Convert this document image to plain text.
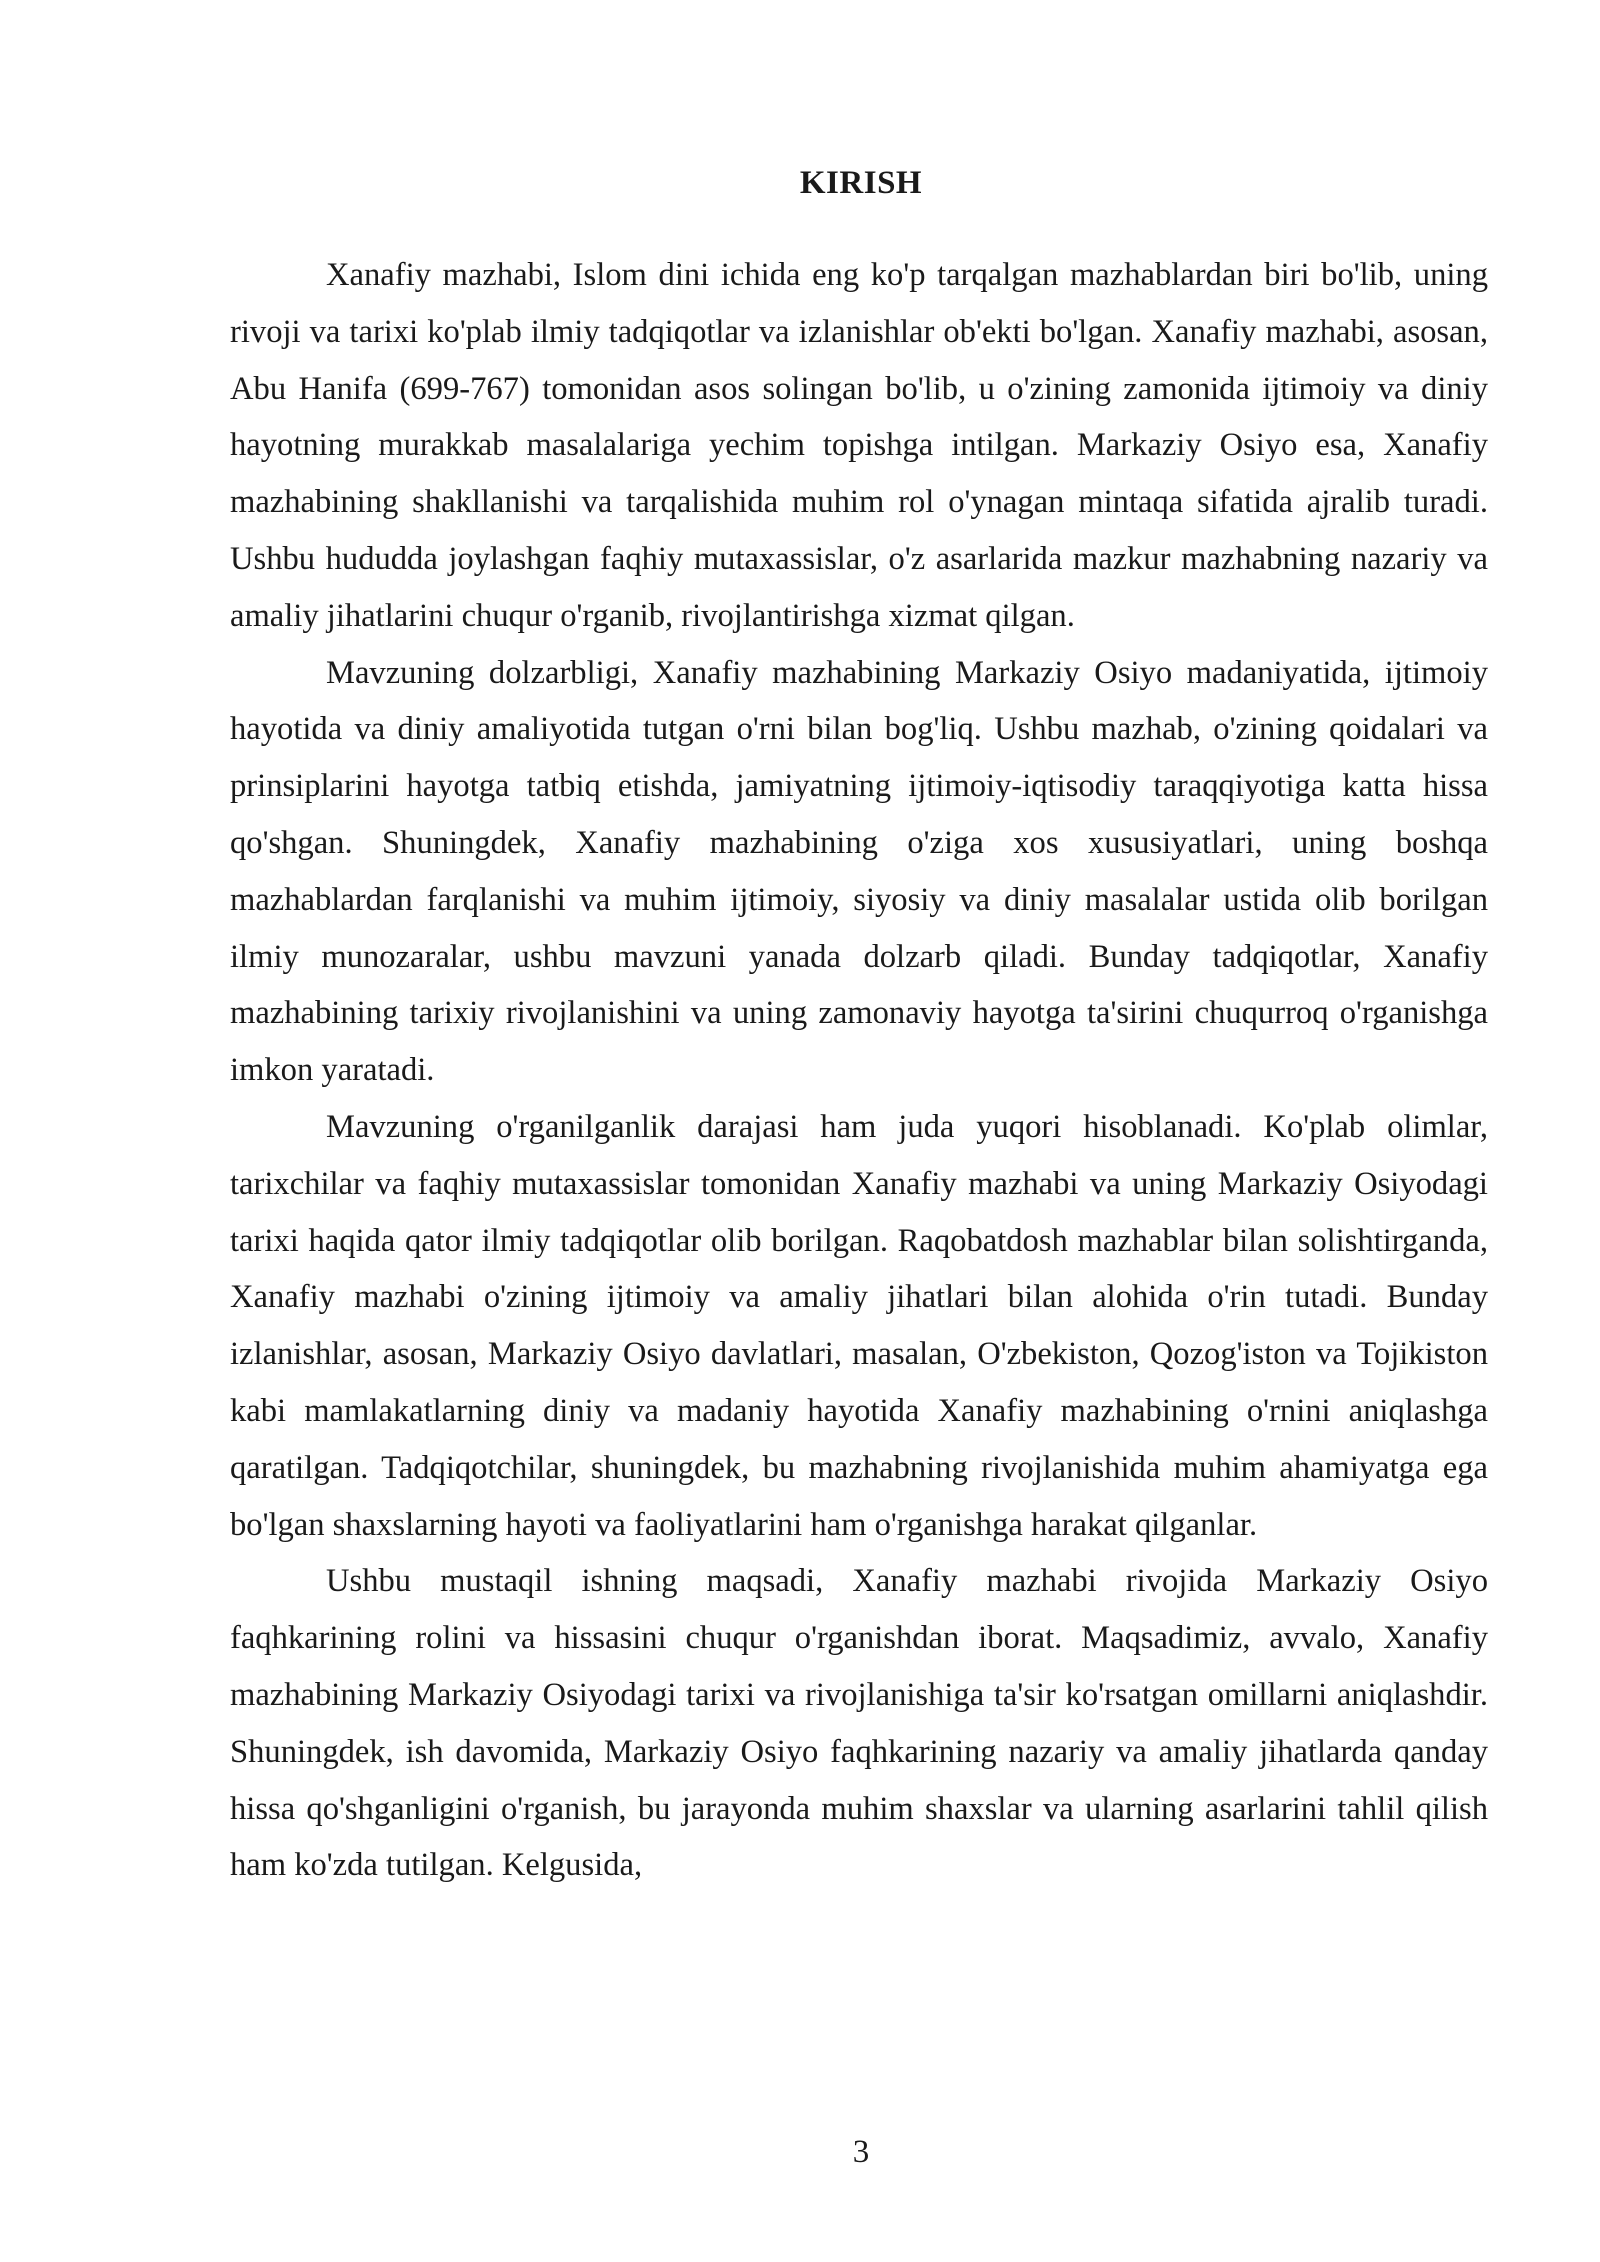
KIRISH

Xanafiy mazhabi, Islom dini ichida eng ko'p tarqalgan mazhablardan biri bo'lib, uning rivoji va tarixi ko'plab ilmiy tadqiqotlar va izlanishlar ob'ekti bo'lgan. Xanafiy mazhabi, asosan, Abu Hanifa (699-767) tomonidan asos solingan bo'lib, u o'zining zamonida ijtimoiy va diniy hayotning murakkab masalalariga yechim topishga intilgan. Markaziy Osiyo esa, Xanafiy mazhabining shakllanishi va tarqalishida muhim rol o'ynagan mintaqa sifatida ajralib turadi. Ushbu hududda joylashgan faqhiy mutaxassislar, o'z asarlarida mazkur mazhabning nazariy va amaliy jihatlarini chuqur o'rganib, rivojlantirishga xizmat qilgan.

Mavzuning dolzarbligi, Xanafiy mazhabining Markaziy Osiyo madaniyatida, ijtimoiy hayotida va diniy amaliyotida tutgan o'rni bilan bog'liq. Ushbu mazhab, o'zining qoidalari va prinsiplarini hayotga tatbiq etishda, jamiyatning ijtimoiy-iqtisodiy taraqqiyotiga katta hissa qo'shgan. Shuningdek, Xanafiy mazhabining o'ziga xos xususiyatlari, uning boshqa mazhablardan farqlanishi va muhim ijtimoiy, siyosiy va diniy masalalar ustida olib borilgan ilmiy munozaralar, ushbu mavzuni yanada dolzarb qiladi. Bunday tadqiqotlar, Xanafiy mazhabining tarixiy rivojlanishini va uning zamonaviy hayotga ta'sirini chuqurroq o'rganishga imkon yaratadi.

Mavzuning o'rganilganlik darajasi ham juda yuqori hisoblanadi. Ko'plab olimlar, tarixchilar va faqhiy mutaxassislar tomonidan Xanafiy mazhabi va uning Markaziy Osiyodagi tarixi haqida qator ilmiy tadqiqotlar olib borilgan. Raqobatdosh mazhablar bilan solishtirganda, Xanafiy mazhabi o'zining ijtimoiy va amaliy jihatlari bilan alohida o'rin tutadi. Bunday izlanishlar, asosan, Markaziy Osiyo davlatlari, masalan, O'zbekiston, Qozog'iston va Tojikiston kabi mamlakatlarning diniy va madaniy hayotida Xanafiy mazhabining o'rnini aniqlashga qaratilgan. Tadqiqotchilar, shuningdek, bu mazhabning rivojlanishida muhim ahamiyatga ega bo'lgan shaxslarning hayoti va faoliyatlarini ham o'rganishga harakat qilganlar.

Ushbu mustaqil ishning maqsadi, Xanafiy mazhabi rivojida Markaziy Osiyo faqhkarining rolini va hissasini chuqur o'rganishdan iborat. Maqsadimiz, avvalo, Xanafiy mazhabining Markaziy Osiyodagi tarixi va rivojlanishiga ta'sir ko'rsatgan omillarni aniqlashdir. Shuningdek, ish davomida, Markaziy Osiyo faqhkarining nazariy va amaliy jihatlarda qanday hissa qo'shganligini o'rganish, bu jarayonda muhim shaxslar va ularning asarlarini tahlil qilish ham ko'zda tutilgan. Kelgusida,

3
